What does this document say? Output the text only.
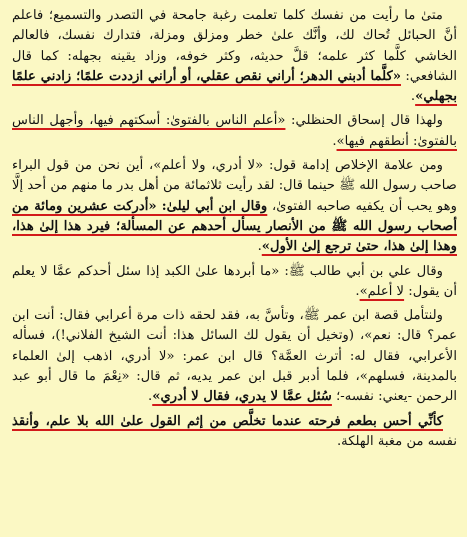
متىٰ ما رأيت من نفسك كلما تعلمت رغبة جامحة في التصدر والتسميع؛ فاعلم أنَّ الحبائل تُحاك لك، وأنَّك علىٰ خطر ومزلق ومزلة، فتدارك نفسك، فالعالم الخاشي كلَّما كثر علمه؛ قلَّ حديثه، وكثر خوفه، وزاد يقينه بجهله: كما قال الشافعي: «كلَّما أدبني الدهر؛ أراني نقص عقلي، أو أراني ازددت علمًا؛ زادني علمًا بجهلي».

ولهذا قال إسحاق الحنظلي: «أعلم الناس بالفتوىٰ: أسكتهم فيها، وأجهل الناس بالفتوىٰ: أنطقهم فيها».

ومن علامة الإخلاص إدامة قول: «لا أدري، ولا أعلم»، أين نحن من قول البراء صاحب رسول الله ﷺ حينما قال: لقد رأيت ثلاثمائة من أهل بدر ما منهم من أحد إلَّا وهو يحب أن يكفيه صاحبه الفتوىٰ، وقال ابن أبي ليلىٰ: «أدركت عشرين ومائة من أصحاب رسول الله ﷺ من الأنصار يسأل أحدهم عن المسألة؛ فيرد هذا إلىٰ هذا، وهذا إلىٰ هذا، حتىٰ ترجع إلىٰ الأول».

وقال علي بن أبي طالب ﷺ: «ما أبردها علىٰ الكبد إذا سئل أحدكم عمَّا لا يعلم أن يقول: لا أعلم».

ولنتأمل قصة ابن عمر ﷺ، وتأسَّ به، فقد لحقه ذات مرة أعرابي فقال: أنت ابن عمر؟ قال: نعم»، (وتخيل أن يقول لك السائل هذا: أنت الشيخ الفلاني!)، فسأله الأعرابي، فقال له: أترث العمَّة؟ قال ابن عمر: «لا أدري، اذهب إلىٰ العلماء بالمدينة، فسلهم»، فلما أدبر قبل ابن عمر يديه، ثم قال: «نِعْمَ ما قال أبو عبد الرحمن -يعني: نفسه-؛ سُئل عمَّا لا يدري، فقال لا أدري».

كأنِّي أحس بطعم فرحته عندما تخلَّص من إثم القول علىٰ الله بلا علم، وأنقذ نفسه من مغبة الهلكة.
